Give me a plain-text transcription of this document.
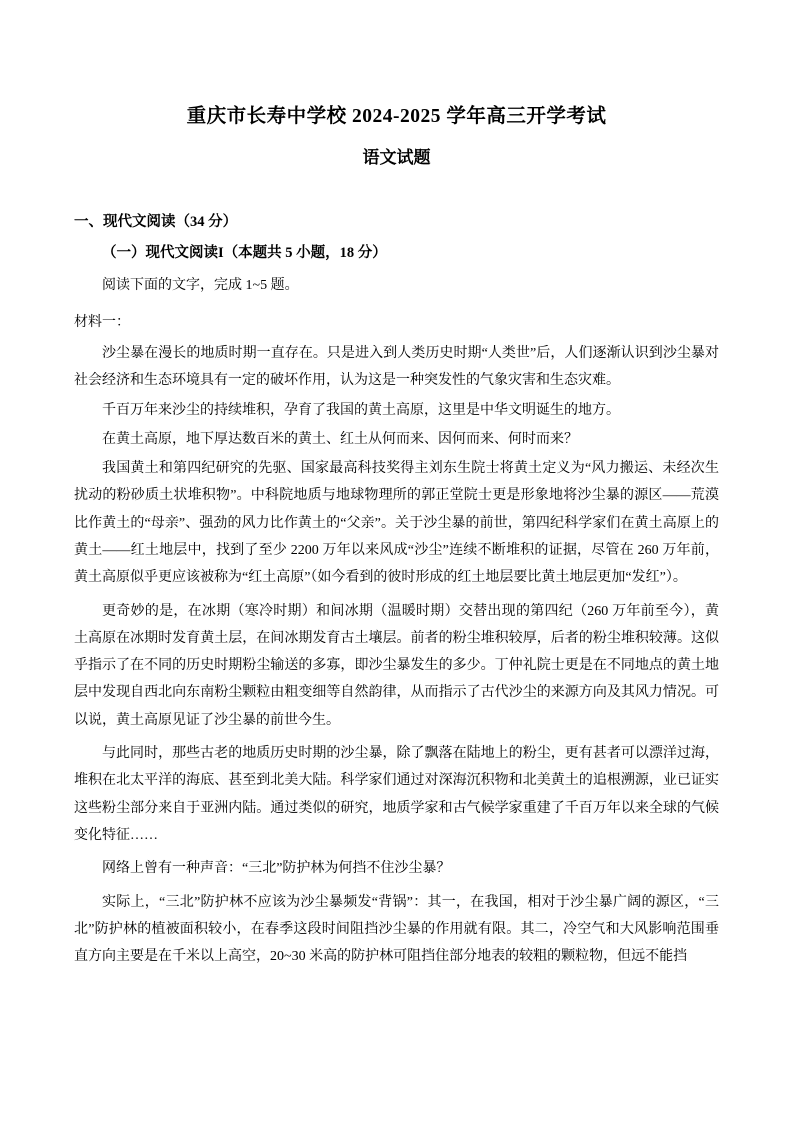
重庆市长寿中学校 2024-2025 学年高三开学考试
语文试题
一、现代文阅读（34 分）
（一）现代文阅读I（本题共 5 小题，18 分）
阅读下面的文字，完成 1~5 题。
材料一：

沙尘暴在漫长的地质时期一直存在。只是进入到人类历史时期“人类世”后，人们逐渐认识到沙尘暴对社会经济和生态环境具有一定的破坏作用，认为这是一种突发性的气象灾害和生态灾难。

千百万年来沙尘的持续堆积，孕育了我国的黄土高原，这里是中华文明诞生的地方。

在黄土高原，地下厚达数百米的黄土、红土从何而来、因何而来、何时而来？

我国黄土和第四纪研究的先驱、国家最高科技奖得主刘东生院士将黄土定义为“风力搬运、未经次生扰动的粉砂质土状堆积物”。中科院地质与地球物理所的郭正堂院士更是形象地将沙尘暴的源区——荒漠比作黄土的“母亲”、强劲的风力比作黄土的“父亲”。关于沙尘暴的前世，第四纪科学家们在黄土高原上的黄土——红土地层中，找到了至少 2200 万年以来风成“沙尘”连续不断堆积的证据，尽管在 260 万年前，黄土高原似乎更应该被称为“红土高原”（如今看到的彼时形成的红土地层要比黄土地层更加“发红”）。

更奇妙的是，在冰期（寒冷时期）和间冰期（温暖时期）交替出现的第四纪（260 万年前至今），黄土高原在冰期时发育黄土层，在间冰期发育古土壤层。前者的粉尘堆积较厚，后者的粉尘堆积较薄。这似乎指示了在不同的历史时期粉尘输送的多寡，即沙尘暴发生的多少。丁仲礼院士更是在不同地点的黄土地层中发现自西北向东南粉尘颗粒由粗变细等自然韵律，从而指示了古代沙尘的来源方向及其风力情况。可以说，黄土高原见证了沙尘暴的前世今生。

与此同时，那些古老的地质历史时期的沙尘暴，除了飘落在陆地上的粉尘，更有甚者可以漂洋过海，堆积在北太平洋的海底、甚至到北美大陆。科学家们通过对深海沉积物和北美黄土的追根溯源，业已证实这些粉尘部分来自于亚洲内陆。通过类似的研究，地质学家和古气候学家重建了千百万年以来全球的气候变化特征……

网络上曾有一种声音：“三北”防护林为何挡不住沙尘暴？

实际上，“三北”防护林不应该为沙尘暴频发“背锅”：其一，在我国，相对于沙尘暴广阔的源区，“三北”防护林的植被面积较小，在春季这段时间阻挡沙尘暴的作用就有限。其二，冷空气和大风影响范围垂直方向主要是在千米以上高空，20~30 米高的防护林可阻挡住部分地表的较粗的颗粒物，但远不能挡
